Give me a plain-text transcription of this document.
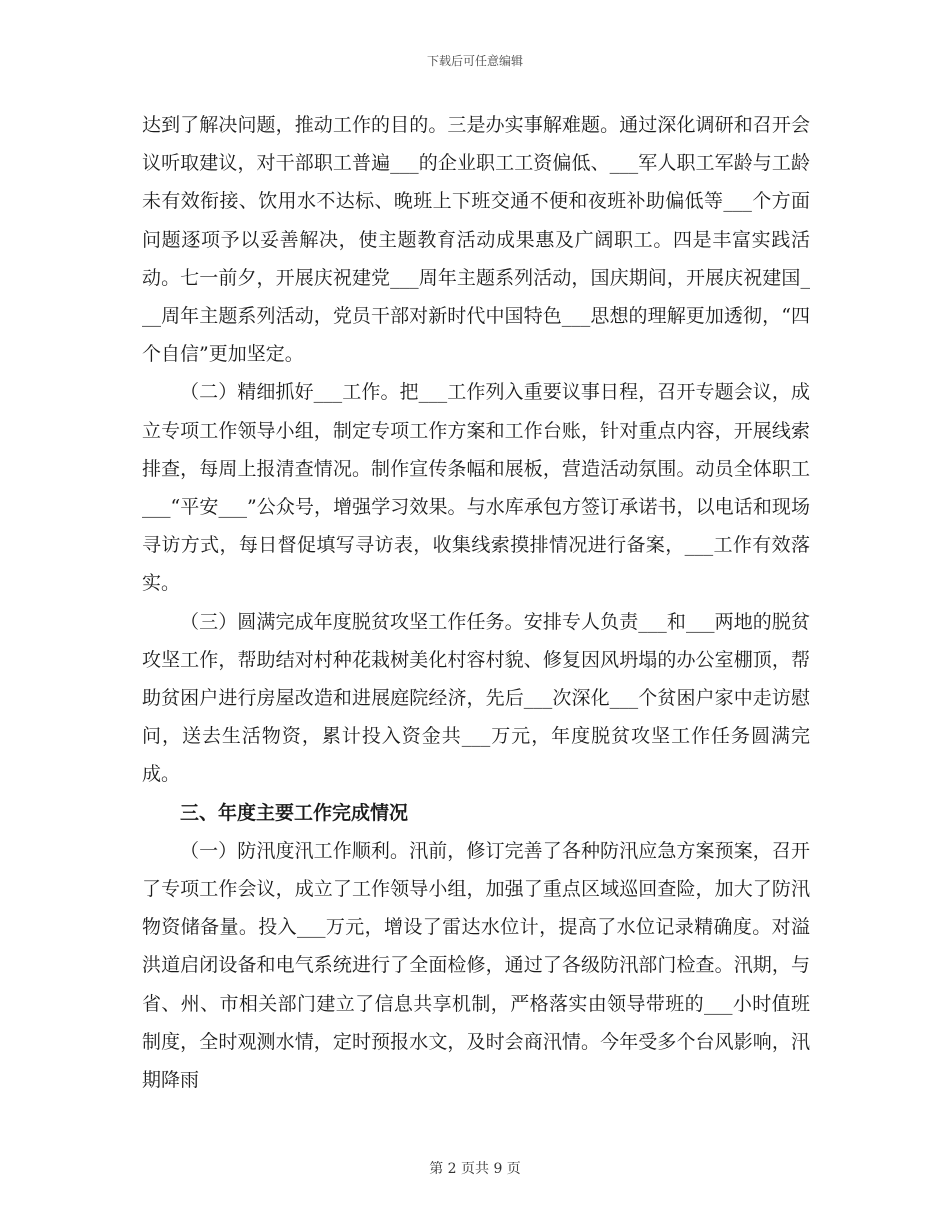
下载后可任意编辑

达到了解决问题，推动工作的目的。三是办实事解难题。通过深化调研和召开会议听取建议，对干部职工普遍___的企业职工工资偏低、___军人职工军龄与工龄未有效衔接、饮用水不达标、晚班上下班交通不便和夜班补助偏低等___个方面问题逐项予以妥善解决，使主题教育活动成果惠及广阔职工。四是丰富实践活动。七一前夕，开展庆祝建党___周年主题系列活动，国庆期间，开展庆祝建国___周年主题系列活动，党员干部对新时代中国特色___思想的理解更加透彻，“四个自信”更加坚定。

（二）精细抓好___工作。把___工作列入重要议事日程，召开专题会议，成立专项工作领导小组，制定专项工作方案和工作台账，针对重点内容，开展线索排查，每周上报清查情况。制作宣传条幅和展板，营造活动氛围。动员全体职工___“平安___”公众号，增强学习效果。与水库承包方签订承诺书，以电话和现场寻访方式，每日督促填写寻访表，收集线索摸排情况进行备案，___工作有效落实。

（三）圆满完成年度脱贫攻坚工作任务。安排专人负责___和___两地的脱贫攻坚工作，帮助结对村种花栽树美化村容村貌、修复因风坍塌的办公室棚顶，帮助贫困户进行房屋改造和进展庭院经济，先后___次深化___个贫困户家中走访慰问，送去生活物资，累计投入资金共___万元，年度脱贫攻坚工作任务圆满完成。

三、年度主要工作完成情况

（一）防汛度汛工作顺利。汛前，修订完善了各种防汛应急方案预案，召开了专项工作会议，成立了工作领导小组，加强了重点区域巡回查险，加大了防汛物资储备量。投入___万元，增设了雷达水位计，提高了水位记录精确度。对溢洪道启闭设备和电气系统进行了全面检修，通过了各级防汛部门检查。汛期，与省、州、市相关部门建立了信息共享机制，严格落实由领导带班的___小时值班制度，全时观测水情，定时预报水文，及时会商汛情。今年受多个台风影响，汛期降雨

第 2 页共 9 页
